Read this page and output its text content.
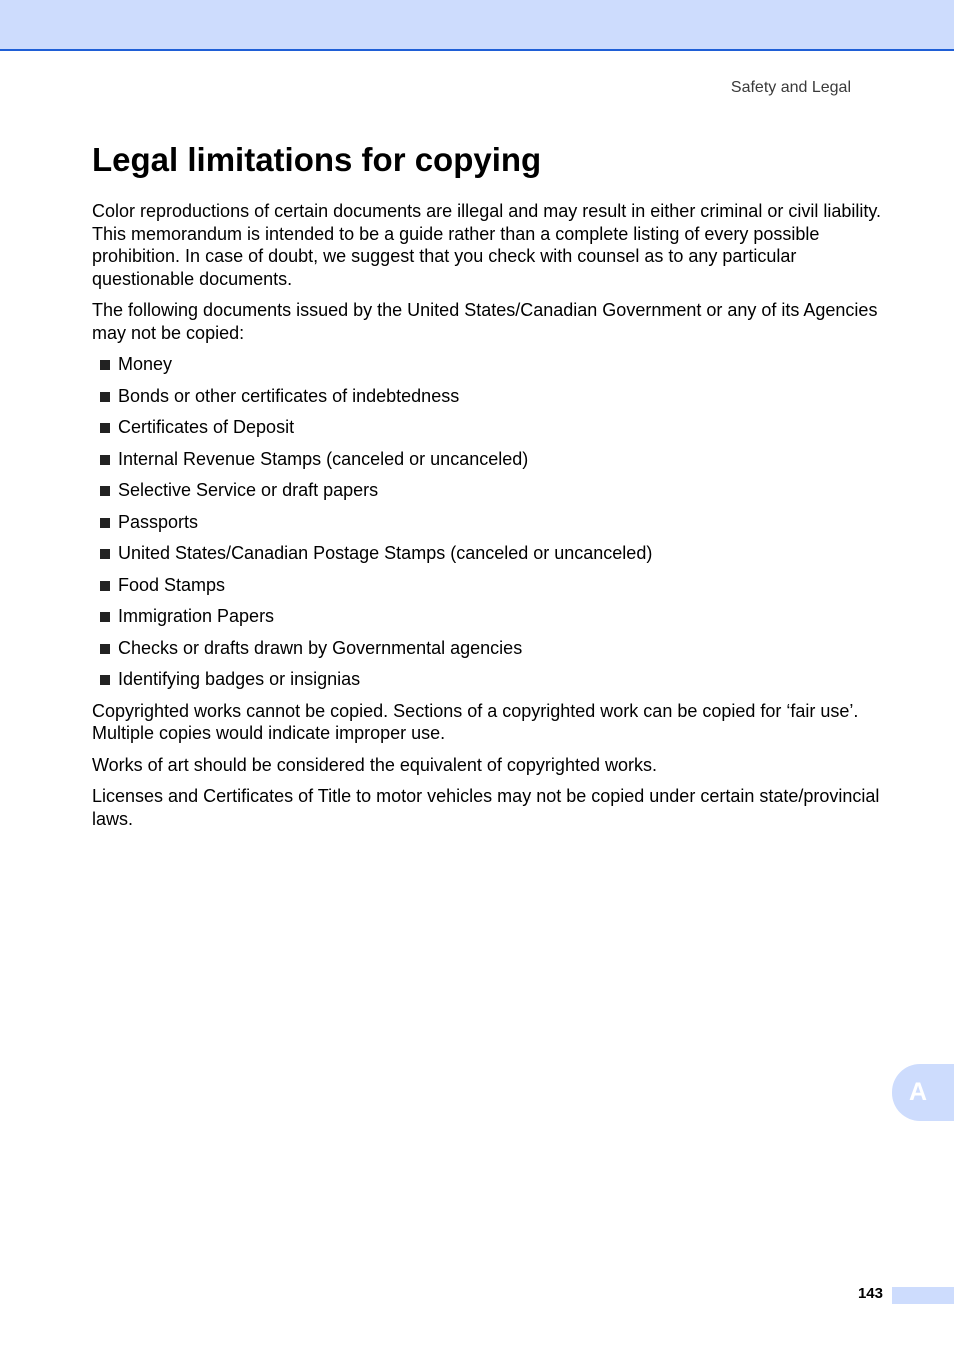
Safety and Legal
Legal limitations for copying

Color reproductions of certain documents are illegal and may result in either criminal or civil liability. This memorandum is intended to be a guide rather than a complete listing of every possible prohibition. In case of doubt, we suggest that you check with counsel as to any particular questionable documents.

The following documents issued by the United States/Canadian Government or any of its Agencies may not be copied:

Money
Bonds or other certificates of indebtedness
Certificates of Deposit
Internal Revenue Stamps (canceled or uncanceled)
Selective Service or draft papers
Passports
United States/Canadian Postage Stamps (canceled or uncanceled)
Food Stamps
Immigration Papers
Checks or drafts drawn by Governmental agencies
Identifying badges or insignias

Copyrighted works cannot be copied. Sections of a copyrighted work can be copied for ‘fair use’. Multiple copies would indicate improper use.

Works of art should be considered the equivalent of copyrighted works.

Licenses and Certificates of Title to motor vehicles may not be copied under certain state/provincial laws.

A
143
